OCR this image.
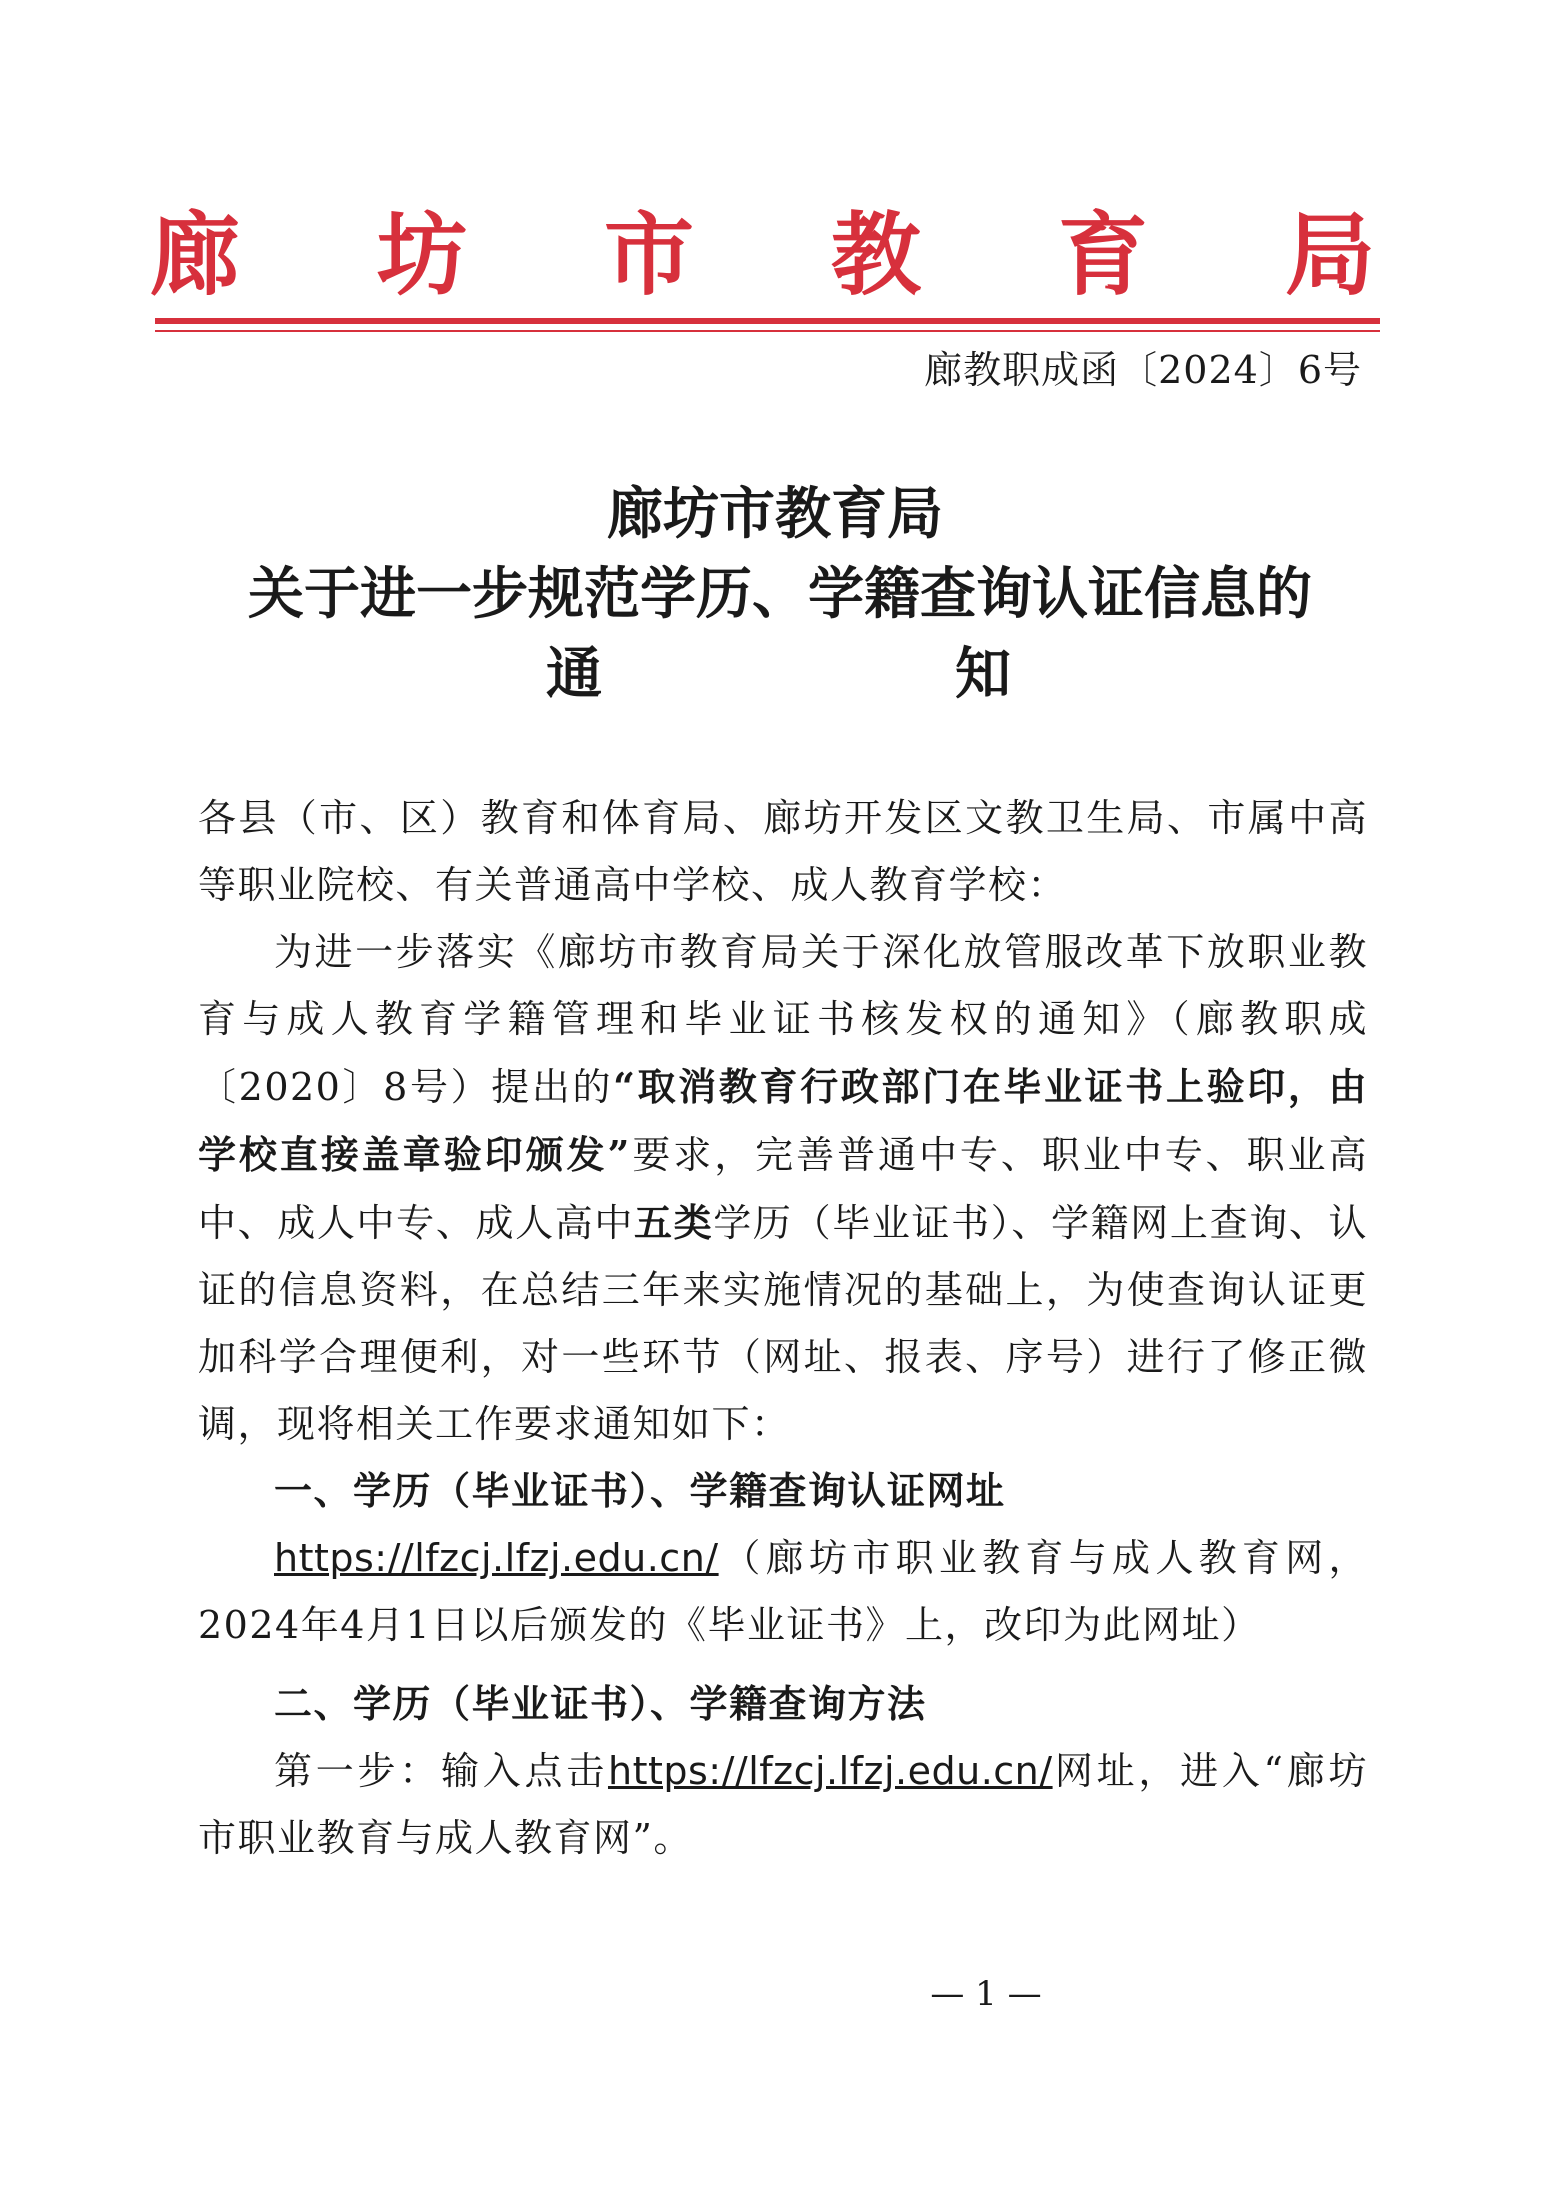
廊 坊 市 教 育 局
廊教职成函〔2024〕6号
廊坊市教育局
关于进一步规范学历、学籍查询认证信息的
通	知

各县（市、区）教育和体育局、廊坊开发区文教卫生局、市属中高等职业院校、有关普通高中学校、成人教育学校：

为进一步落实《廊坊市教育局关于深化放管服改革下放职业教育与成人教育学籍管理和毕业证书核发权的通知》（廊教职成〔2020〕8号）提出的“取消教育行政部门在毕业证书上验印，由学校直接盖章验印颁发”要求，完善普通中专、职业中专、职业高中、成人中专、成人高中五类学历（毕业证书）、学籍网上查询、认证的信息资料，在总结三年来实施情况的基础上，为使查询认证更加科学合理便利，对一些环节（网址、报表、序号）进行了修正微调，现将相关工作要求通知如下：

一、学历（毕业证书）、学籍查询认证网址

https://lfzcj.lfzj.edu.cn/（廊坊市职业教育与成人教育网，2024年4月1日以后颁发的《毕业证书》上，改印为此网址）

二、学历（毕业证书）、学籍查询方法

第一步：输入点击https://lfzcj.lfzj.edu.cn/网址，进入“廊坊市职业教育与成人教育网”。

— 1 —
